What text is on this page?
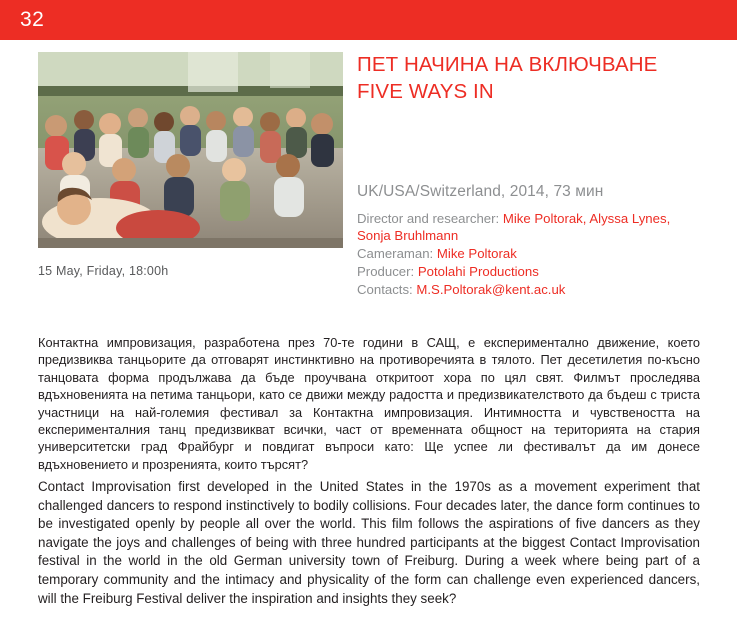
32
15 May, Friday, 18:00h
ПЕТ НАЧИНА НА ВКЛЮЧВАНЕ
FIVE WAYS IN
UK/USA/Switzerland, 2014, 73 мин
Director and researcher: Mike Poltorak, Alyssa Lynes, Sonja Bruhlmann
Cameraman: Mike Poltorak
Producer: Potolahi Productions
Contacts: M.S.Poltorak@kent.ac.uk
Контактна импровизация, разработена през 70-те години в САЩ, е експериментално движение, което предизвиква танцьорите да отговарят инстинктивно на противоречията в тялото. Пет десетилетия по-късно танцовата форма продължава да бъде проучвана откритоот хора по цял свят. Филмът проследява вдъхновенията на петима танцьори, като се движи между радостта и предизвикателството да бъдеш с триста участници на най-големия фестивал за Контактна импровизация. Интимността и чувствеността на експерименталния танц предизвикват всички, част от временната общност на територията на стария университетски град Фрайбург и повдигат въпроси като: Ще успее ли фестивалът да им донесе вдъхновението и прозренията, които търсят?
Contact Improvisation first developed in the United States in the 1970s as a movement experiment that challenged dancers to respond instinctively to bodily collisions. Four decades later, the dance form continues to be investigated openly by people all over the world. This film follows the aspirations of five dancers as they navigate the joys and challenges of being with three hundred participants at the biggest Contact Improvisation festival in the world in the old German university town of Freiburg. During a week where being part of a temporary community and the intimacy and physicality of the form can challenge even experienced dancers, will the Freiburg Festival deliver the inspiration and insights they seek?
